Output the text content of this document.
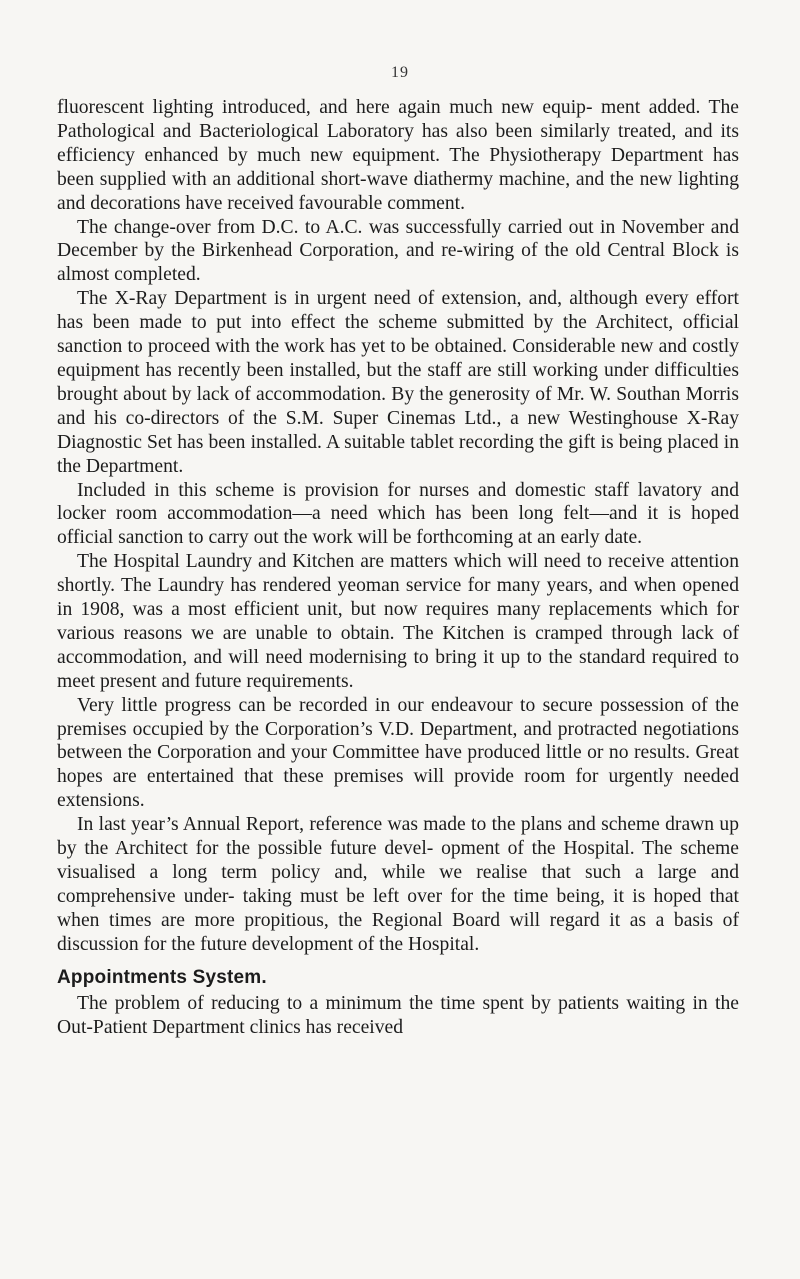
19

fluorescent lighting introduced, and here again much new equip- ment added. The Pathological and Bacteriological Laboratory has also been similarly treated, and its efficiency enhanced by much new equipment. The Physiotherapy Department has been supplied with an additional short-wave diathermy machine, and the new lighting and decorations have received favourable comment.

The change-over from D.C. to A.C. was successfully carried out in November and December by the Birkenhead Corporation, and re-wiring of the old Central Block is almost completed.

The X-Ray Department is in urgent need of extension, and, although every effort has been made to put into effect the scheme submitted by the Architect, official sanction to proceed with the work has yet to be obtained. Considerable new and costly equipment has recently been installed, but the staff are still working under difficulties brought about by lack of accommodation. By the generosity of Mr. W. Southan Morris and his co-directors of the S.M. Super Cinemas Ltd., a new Westinghouse X-Ray Diagnostic Set has been installed. A suitable tablet recording the gift is being placed in the Department.

Included in this scheme is provision for nurses and domestic staff lavatory and locker room accommodation—a need which has been long felt—and it is hoped official sanction to carry out the work will be forthcoming at an early date.

The Hospital Laundry and Kitchen are matters which will need to receive attention shortly. The Laundry has rendered yeoman service for many years, and when opened in 1908, was a most efficient unit, but now requires many replacements which for various reasons we are unable to obtain. The Kitchen is cramped through lack of accommodation, and will need modernising to bring it up to the standard required to meet present and future requirements.

Very little progress can be recorded in our endeavour to secure possession of the premises occupied by the Corporation’s V.D. Department, and protracted negotiations between the Corporation and your Committee have produced little or no results. Great hopes are entertained that these premises will provide room for urgently needed extensions.

In last year’s Annual Report, reference was made to the plans and scheme drawn up by the Architect for the possible future devel- opment of the Hospital. The scheme visualised a long term policy and, while we realise that such a large and comprehensive under- taking must be left over for the time being, it is hoped that when times are more propitious, the Regional Board will regard it as a basis of discussion for the future development of the Hospital.

Appointments System.

The problem of reducing to a minimum the time spent by patients waiting in the Out-Patient Department clinics has received
